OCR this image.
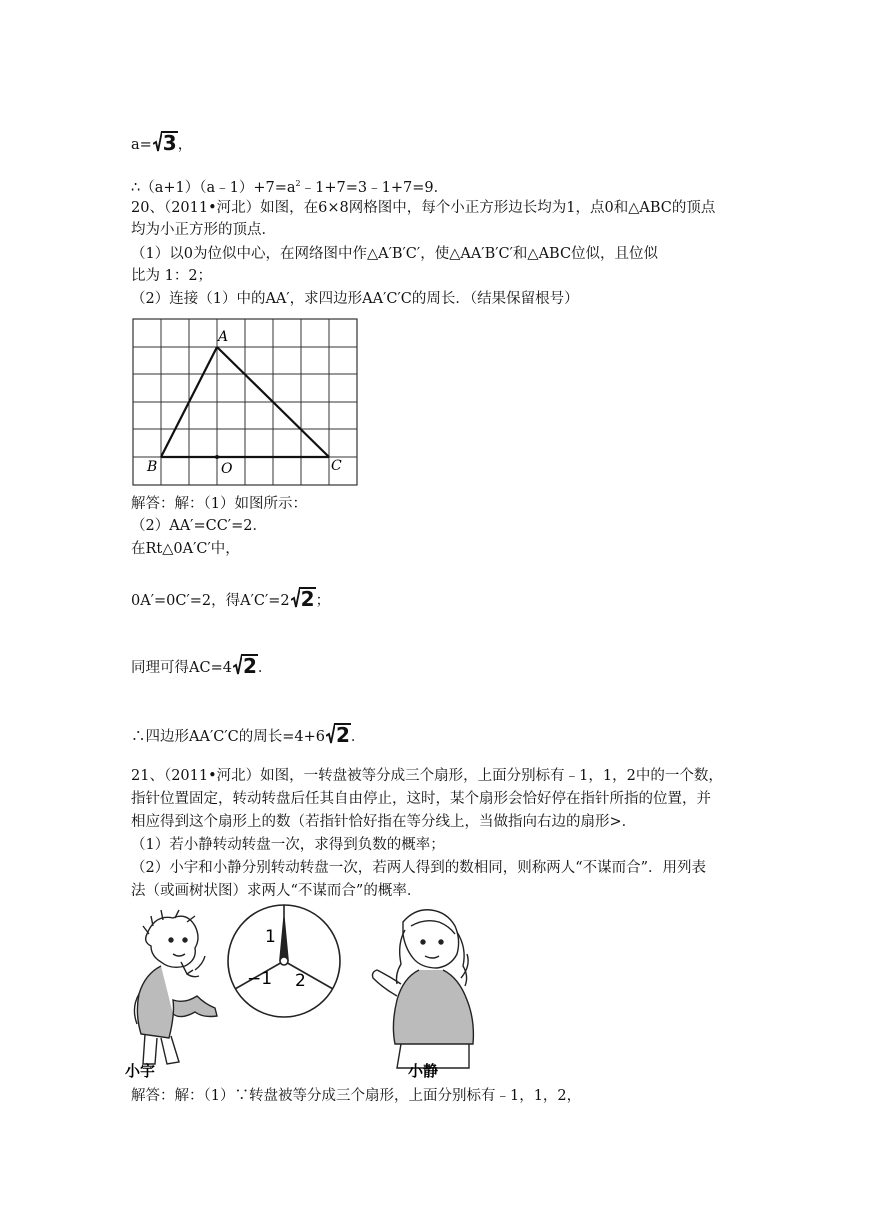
a= 3 ，
$\therefore(a+1)(a﹣1)+7=a^2﹣1+7=3﹣1+7=9$．
20、（2011•河北）如图，在6×8网格图中，每个小正方形边长均为1，点0和△ABC的顶点
均为小正方形的顶点．
（1）以0为位似中心，在网络图中作△A′B′C′，使△AA′B′C′和△ABC位似，且位似
比为 1：2；
（2）连接（1）中的AA′，求四边形AA′C′C的周长．（结果保留根号）
A
B	C
O
解答：解：（1）如图所示：
（2）AA′=CC′=2．
在Rt△0A′C′中，
0A′=0C′=2，得A′C′=2 2 ；
同理可得AC=4 2 ．
∴四边形AA′C′C的周长=4+6 2 ．
21、（2011•河北）如图，一转盘被等分成三个扇形，上面分别标有﹣1，1，2中的一个数，
指针位置固定，转动转盘后任其自由停止，这时，某个扇形会恰好停在指针所指的位置，并
相应得到这个扇形上的数（若指针恰好指在等分线上，当做指向右边的扇形>．
（1）若小静转动转盘一次，求得到负数的概率；
（2）小宇和小静分别转动转盘一次，若两人得到的数相同，则称两人“不谋而合”．用列表
法（或画树状图）求两人“不谋而合”的概率．
1
−1 2
小宇	小静
解答：解：（1）∵转盘被等分成三个扇形，上面分别标有﹣1，1，2，
